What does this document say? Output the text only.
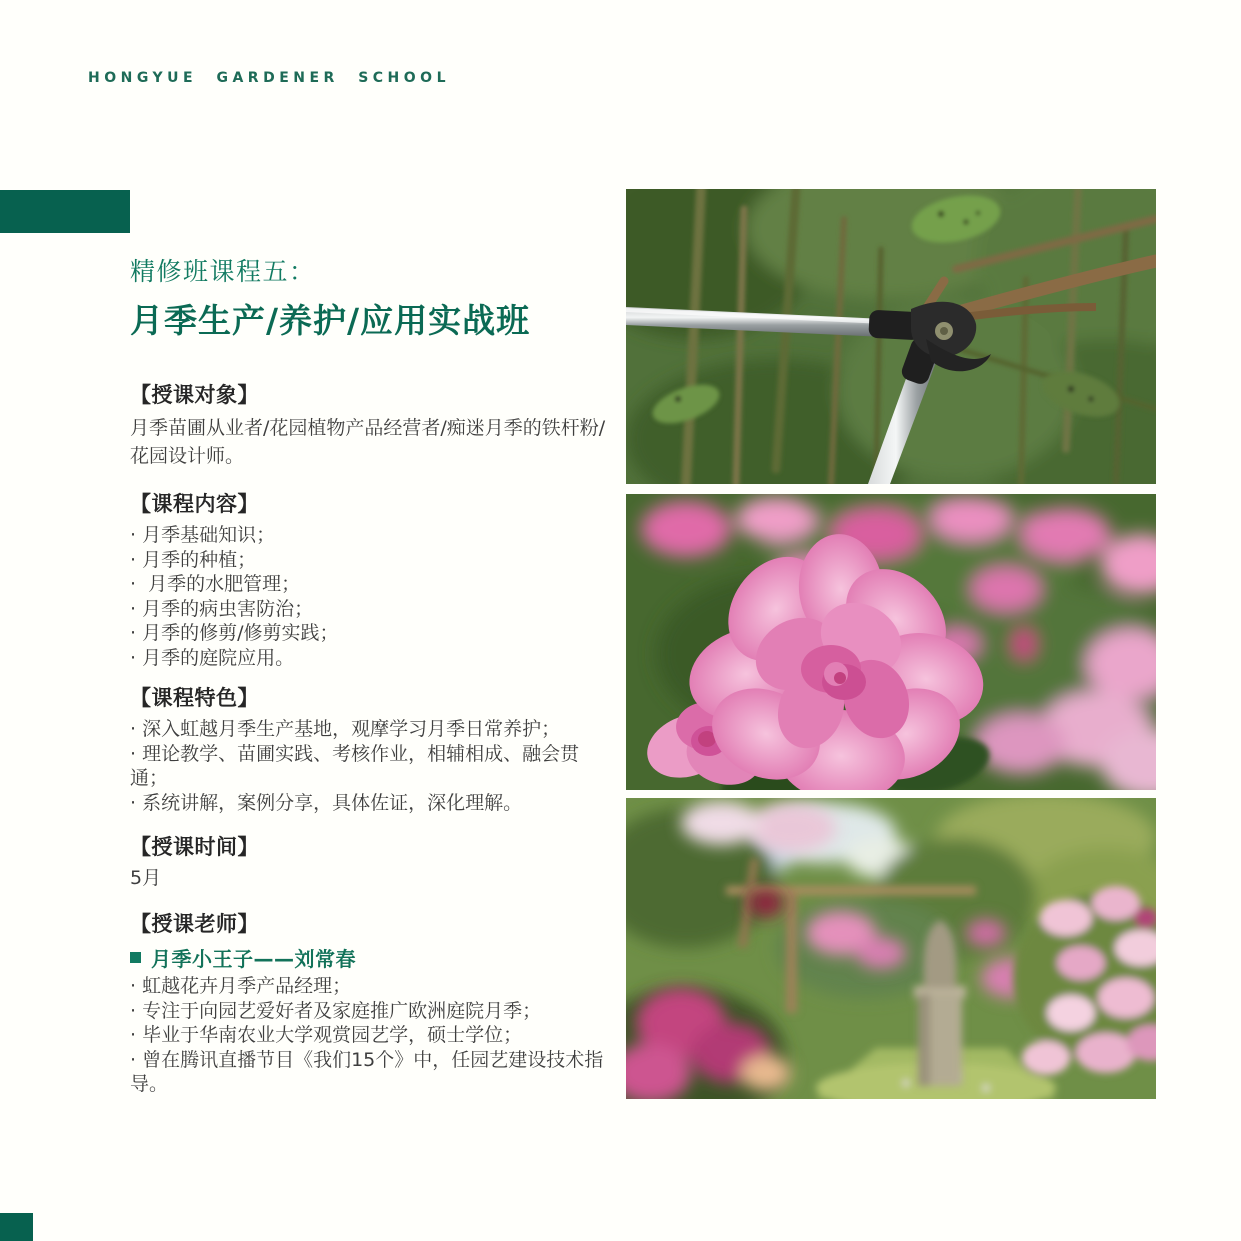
HONGYUE GARDENER SCHOOL
精修班课程五：
月季生产/养护/应用实战班
【授课对象】
月季苗圃从业者/花园植物产品经营者/痴迷月季的铁杆粉/
花园设计师。
【课程内容】
· 月季基础知识；
· 月季的种植；
·  月季的水肥管理；
· 月季的病虫害防治；
· 月季的修剪/修剪实践；
· 月季的庭院应用。
【课程特色】
· 深入虹越月季生产基地，观摩学习月季日常养护；
· 理论教学、苗圃实践、考核作业，相辅相成、融会贯通；
· 系统讲解，案例分享，具体佐证，深化理解。
【授课时间】
5月
【授课老师】
月季小王子——刘常春
· 虹越花卉月季产品经理；
· 专注于向园艺爱好者及家庭推广欧洲庭院月季；
· 毕业于华南农业大学观赏园艺学，硕士学位；
· 曾在腾讯直播节目《我们15个》中，任园艺建设技术指导。
